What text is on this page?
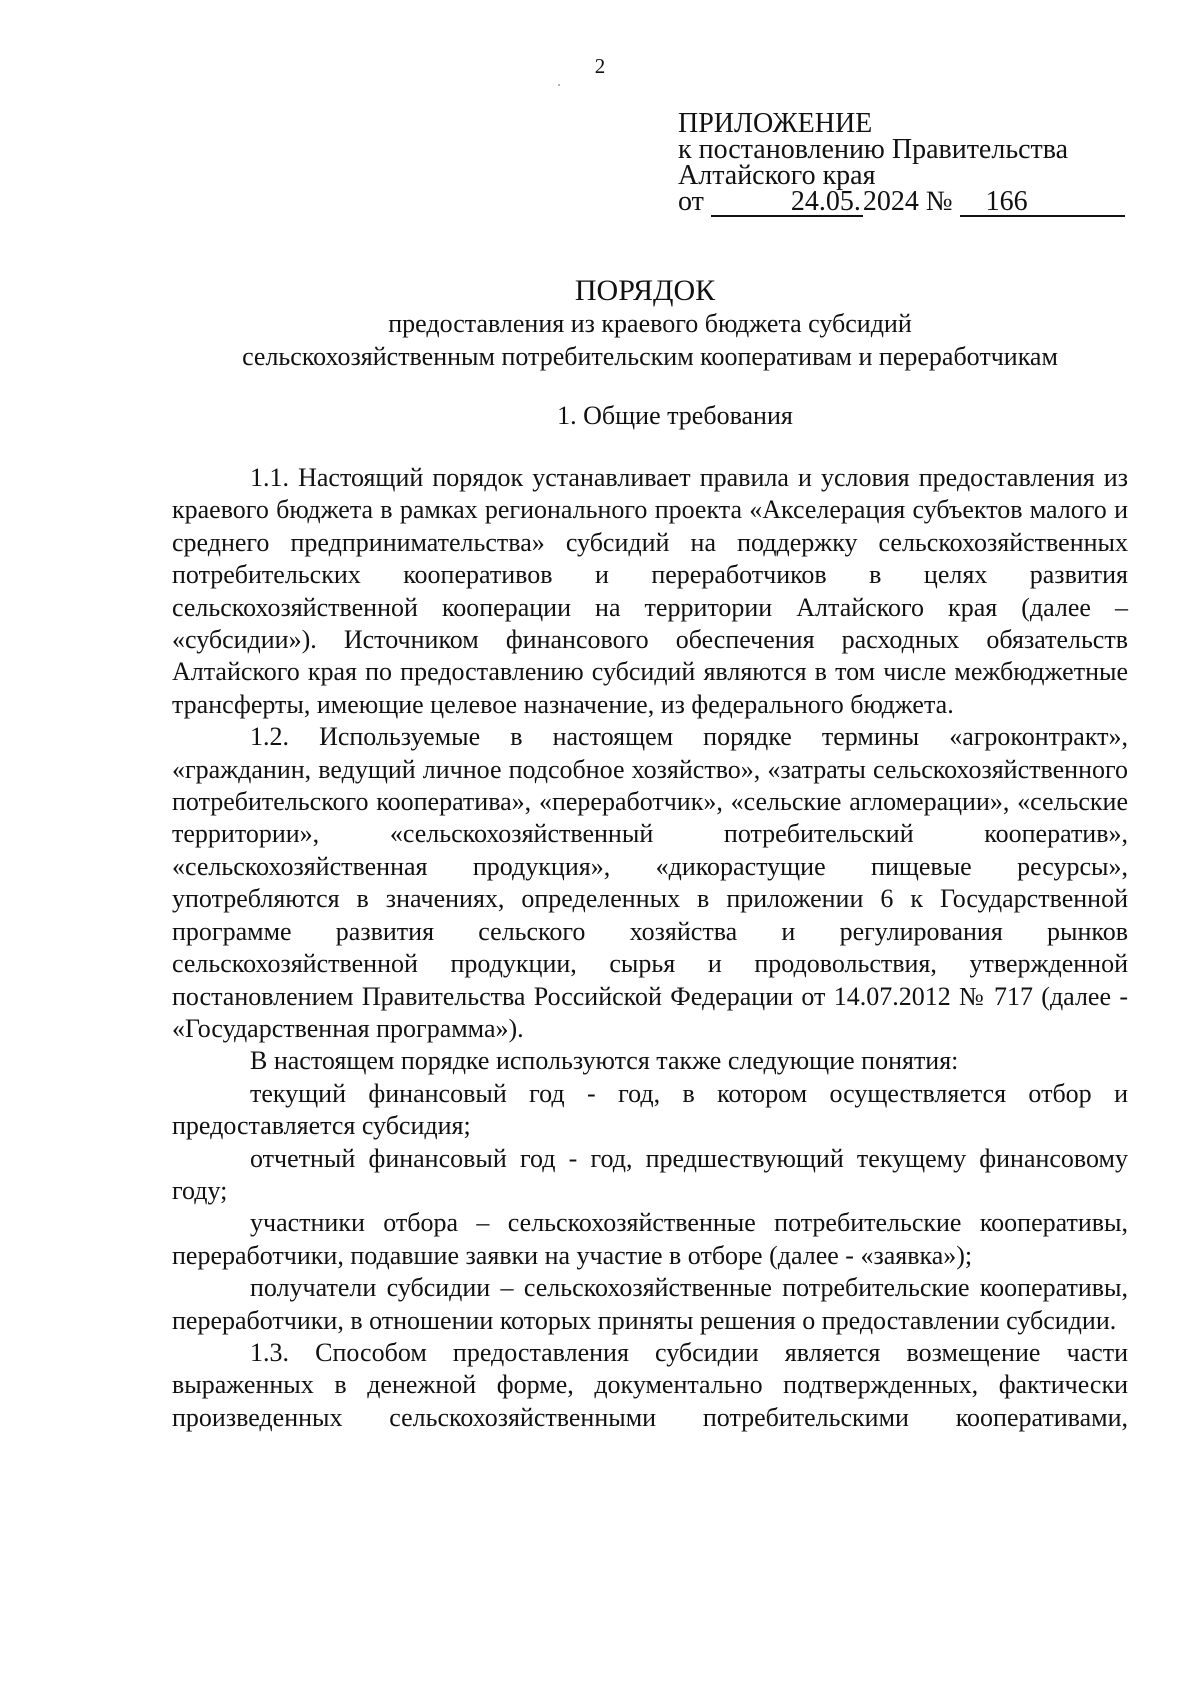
2
ПРИЛОЖЕНИЕ
к постановлению Правительства
Алтайского края
от	24.05.2024 № 166
ПОРЯДОК
предоставления из краевого бюджета субсидий
сельскохозяйственным потребительским кооперативам и переработчикам
1. Общие требования

1.1. Настоящий порядок устанавливает правила и условия предоставления из краевого бюджета в рамках регионального проекта «Акселерация субъектов малого и среднего предпринимательства» субсидий на поддержку сельскохозяйственных потребительских кооперативов и переработчиков в целях развития сельскохозяйственной кооперации на территории Алтайского края (далее – «субсидии»). Источником финансового обеспечения расходных обязательств Алтайского края по предоставлению субсидий являются в том числе межбюджетные трансферты, имеющие целевое назначение, из федерального бюджета.

1.2. Используемые в настоящем порядке термины «агроконтракт», «гражданин, ведущий личное подсобное хозяйство», «затраты сельскохозяйственного потребительского кооператива», «переработчик», «сельские агломерации», «сельские территории», «сельскохозяйственный потребительский кооператив», «сельскохозяйственная продукция», «дикорастущие пищевые ресурсы», употребляются в значениях, определенных в приложении 6 к Государственной программе развития сельского хозяйства и регулирования рынков сельскохозяйственной продукции, сырья и продовольствия, утвержденной постановлением Правительства Российской Федерации от 14.07.2012 № 717 (далее - «Государственная программа»).

В настоящем порядке используются также следующие понятия:

текущий финансовый год - год, в котором осуществляется отбор и предоставляется субсидия;

отчетный финансовый год - год, предшествующий текущему финансовому году;

участники отбора – сельскохозяйственные потребительские кооперативы, переработчики, подавшие заявки на участие в отборе (далее - «заявка»);

получатели субсидии – сельскохозяйственные потребительские кооперативы, переработчики, в отношении которых приняты решения о предоставлении субсидии.

1.3. Способом предоставления субсидии является возмещение части выраженных в денежной форме, документально подтвержденных, фактически произведенных сельскохозяйственными потребительскими кооперативами,
